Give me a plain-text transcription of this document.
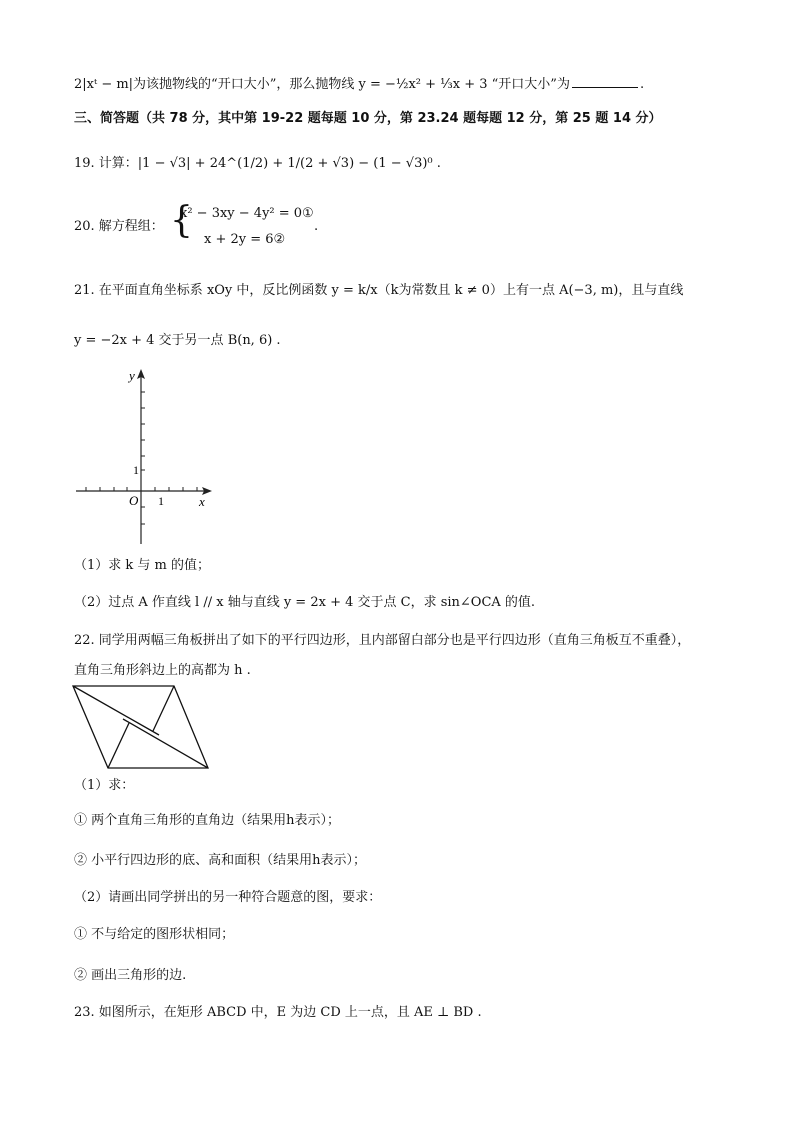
2|xᵗ − m|为该抛物线的“开口大小”，那么抛物线 y = −½x² + ⅓x + 3 “开口大小”为	.
三、简答题（共 78 分，其中第 19-22 题每题 10 分，第 23.24 题每题 12 分，第 25 题 14 分）
19. 计算：|1 − √3| + 24^(1/2) + 1/(2 + √3) − (1 − √3)⁰ .
20. 解方程组： {
x² − 3xy − 4y² = 0①
x + 2y = 6②
.
21. 在平面直角坐标系 xOy 中，反比例函数 y = k/x（k为常数且 k ≠ 0）上有一点 A(−3, m)，且与直线
y = −2x + 4 交于另一点 B(n, 6) .
y
x
O 1
1
（1）求 k 与 m 的值；
（2）过点 A 作直线 l // x 轴与直线 y = 2x + 4 交于点 C，求 sin∠OCA 的值.
22. 同学用两幅三角板拼出了如下的平行四边形，且内部留白部分也是平行四边形（直角三角板互不重叠），
直角三角形斜边上的高都为 h .
（1）求：
① 两个直角三角形的直角边（结果用h表示）；
② 小平行四边形的底、高和面积（结果用h表示）；
（2）请画出同学拼出的另一种符合题意的图，要求：
① 不与给定的图形状相同；
② 画出三角形的边.
23. 如图所示，在矩形 ABCD 中，E 为边 CD 上一点，且 AE ⊥ BD .
